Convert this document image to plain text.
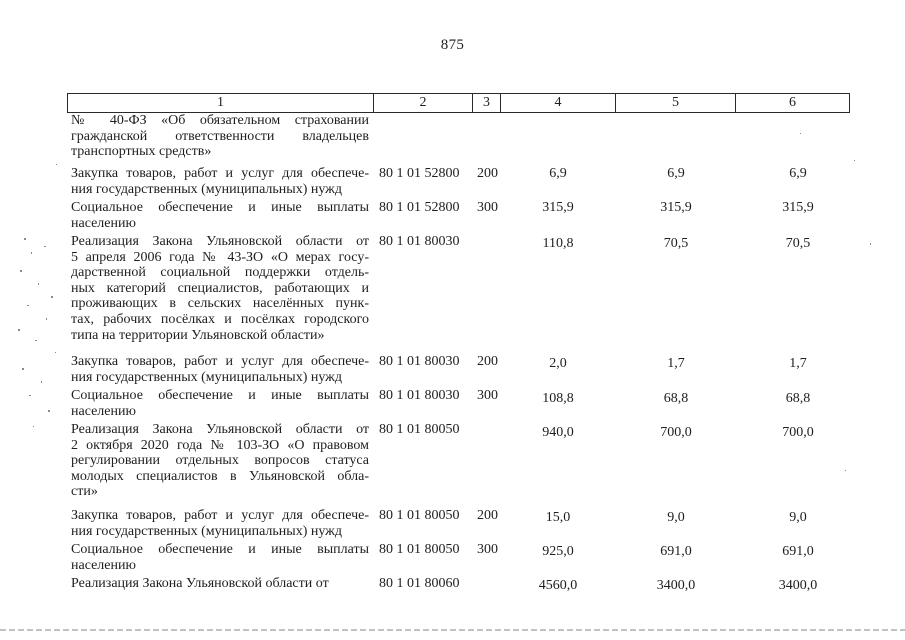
875
1	2	3	4	5	6
№ 40-ФЗ «Об обязательном страховании
гражданской ответственности владельцев
транспортных средств»
Закупка товаров, работ и услуг для обеспече-
ния государственных (муниципальных) нужд
80 1 01 52800 200	6,9	6,9	6,9
Социальное обеспечение и иные выплаты
населению
80 1 01 52800 300	315,9	315,9	315,9
Реализация Закона Ульяновской области от
5 апреля 2006 года № 43-ЗО «О мерах госу-
дарственной социальной поддержки отдель-
ных категорий специалистов, работающих и
проживающих в сельских населённых пунк-
тах, рабочих посёлках и посёлках городского
типа на территории Ульяновской области»
80 1 01 80030	110,8	70,5	70,5
Закупка товаров, работ и услуг для обеспече-
ния государственных (муниципальных) нужд
80 1 01 80030 200	2,0	1,7	1,7
Социальное обеспечение и иные выплаты
населению
80 1 01 80030 300	108,8	68,8	68,8
Реализация Закона Ульяновской области от
2 октября 2020 года № 103-ЗО «О правовом
регулировании отдельных вопросов статуса
молодых специалистов в Ульяновской обла-
сти»
80 1 01 80050	940,0	700,0	700,0
Закупка товаров, работ и услуг для обеспече-
ния государственных (муниципальных) нужд
80 1 01 80050 200	15,0	9,0	9,0
Социальное обеспечение и иные выплаты
населению
80 1 01 80050 300	925,0	691,0	691,0
Реализация Закона Ульяновской области от	80 1 01 80060	4560,0	3400,0	3400,0
